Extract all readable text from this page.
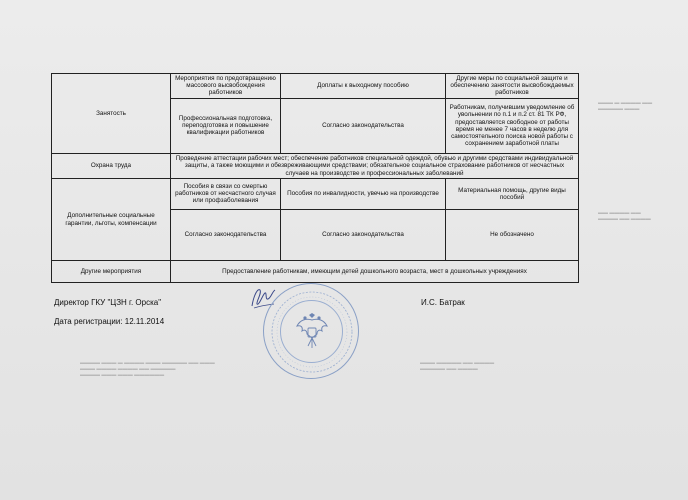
▬▬▬ ▬ ▬▬▬▬ ▬▬
▬▬▬▬▬ ▬▬▬
▬▬ ▬▬▬▬ ▬▬
▬▬▬▬ ▬▬ ▬▬▬▬
▬▬▬▬ ▬▬▬ ▬ ▬▬▬▬ ▬▬▬ ▬▬▬▬▬ ▬▬ ▬▬▬
▬▬▬ ▬▬▬▬ ▬▬▬▬ ▬▬ ▬▬▬▬▬
▬▬▬▬ ▬▬▬ ▬▬▬ ▬▬▬▬▬▬
▬▬▬ ▬▬▬▬▬ ▬▬ ▬▬▬▬
▬▬▬▬▬ ▬▬ ▬▬▬▬
Занятость	
Мероприятия по предотвращению массового высвобождения работников	Доплаты к выходному пособию	Другие меры по социальной защите и обеспечению занятости высвобождаемых работников
Профессиональная подготовка, переподготовка и повышение квалификации работников	Согласно законодательства	Работникам, получившим уведомление об увольнении по п.1 и п.2 ст. 81 ТК РФ, предоставляется свободное от работы время не менее 7 часов в неделю для самостоятельного поиска новой работы с сохранением заработной платы

Охрана труда	Проведение аттестации рабочих мест; обеспечение работников специальной одеждой, обувью и другими средствами индивидуальной защиты, а также моющими и обезвреживающими средствами; обязательное социальное страхование работников от несчастных случаев на производстве и профессиональных заболеваний
Дополнительные социальные гарантии, льготы, компенсации	
Пособия в связи со смертью работников от несчастного случая или профзаболевания	Пособия по инвалидности, увечью на производстве	Материальная помощь, другие виды пособий
Согласно законодательства	Согласно законодательства	Не обозначено

Другие мероприятия	Предоставление работникам, имеющим детей дошкольного возраста, мест в дошкольных учреждениях
Директор ГКУ "ЦЗН г. Орска"	И.С. Батрак
Дата регистрации: 12.11.2014
